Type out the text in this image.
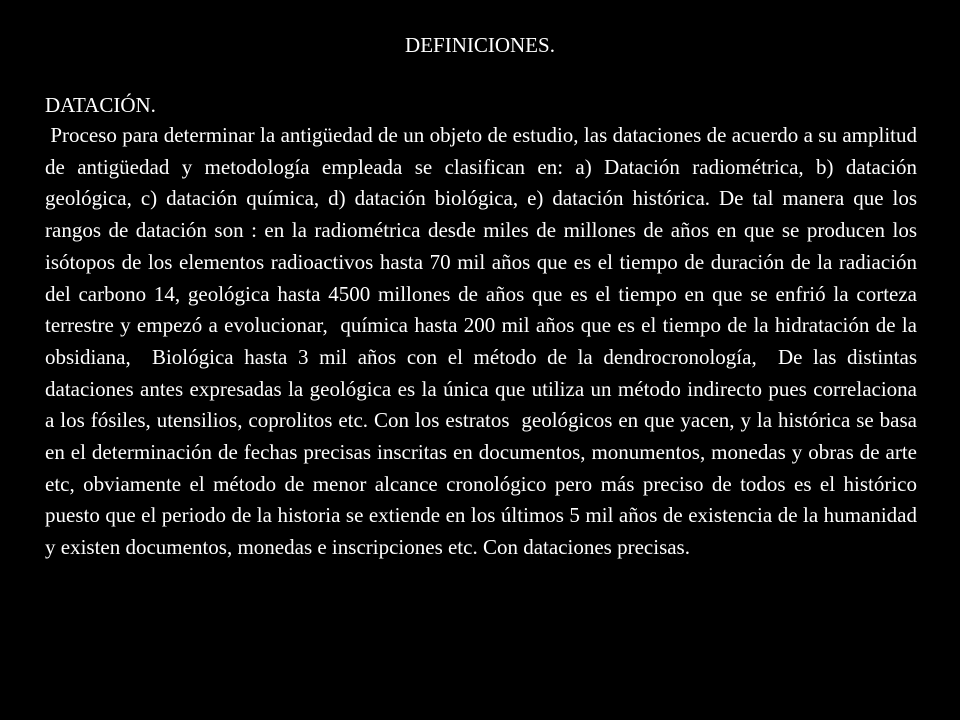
DEFINICIONES.
DATACIÓN.

Proceso para determinar la antigüedad de un objeto de estudio, las dataciones de acuerdo a su amplitud de antigüedad y metodología empleada se clasifican en: a) Datación radiométrica, b) datación geológica, c) datación química, d) datación biológica, e) datación histórica. De tal manera que los rangos de datación son : en la radiométrica desde miles de millones de años en que se producen los isótopos de los elementos radioactivos hasta 70 mil años que es el tiempo de duración de la radiación del carbono 14, geológica hasta 4500 millones de años que es el tiempo en que se enfrió la corteza terrestre y empezó a evolucionar,  química hasta 200 mil años que es el tiempo de la hidratación de la obsidiana,  Biológica hasta 3 mil años con el método de la dendrocronología,  De las distintas dataciones antes expresadas la geológica es la única que utiliza un método indirecto pues correlaciona  a los fósiles, utensilios, coprolitos etc. Con los estratos  geológicos en que yacen, y la histórica se basa en el determinación de fechas precisas inscritas en documentos, monumentos, monedas y obras de arte etc, obviamente el método de menor alcance cronológico pero más preciso de todos es el histórico puesto que el periodo de la historia se extiende en los últimos 5 mil años de existencia de la humanidad y existen documentos, monedas e inscripciones etc. Con dataciones precisas.
